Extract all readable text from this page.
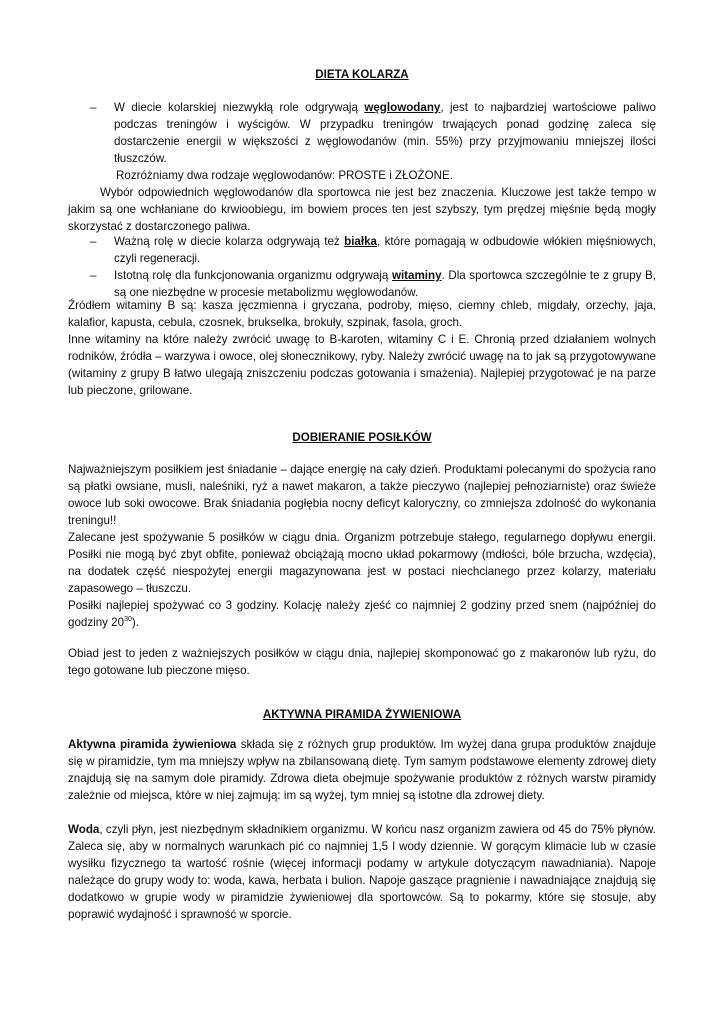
DIETA KOLARZA
– W diecie kolarskiej niezwykłą role odgrywają węglowodany, jest to najbardziej wartościowe paliwo podczas treningów i wyścigów. W przypadku treningów trwających ponad godzinę zaleca się dostarczenie energii w większości z węglowodanów (min. 55%) przy przyjmowaniu mniejszej ilości tłuszczów.
Rozróżniamy dwa rodzaje węglowodanów: PROSTE i ZŁOŻONE.
Wybór odpowiednich węglowodanów dla sportowca nie jest bez znaczenia. Kluczowe jest także tempo w jakim są one wchłaniane do krwioobiegu, im bowiem proces ten jest szybszy, tym prędzej mięśnie będą mogły skorzystać z dostarczonego paliwa.
– Ważną rolę w diecie kolarza odgrywają też białka, które pomagają w odbudowie włókien mięśniowych, czyli regeneracji.
– Istotną rolę dla funkcjonowania organizmu odgrywają witaminy. Dla sportowca szczególnie te z grupy B, są one niezbędne w procesie metabolizmu węglowodanów.
Źródłem witaminy B są: kasza jęczmienna i gryczana, podroby, mięso, ciemny chleb, migdały, orzechy, jaja, kalafior, kapusta, cebula, czosnek, brukselka, brokuły, szpinak, fasola, groch.
Inne witaminy na które należy zwrócić uwagę to B-karoten, witaminy C i E. Chronią przed działaniem wolnych rodników, źródła – warzywa i owoce, olej słonecznikowy, ryby. Należy zwrócić uwagę na to jak są przygotowywane (witaminy z grupy B łatwo ulegają zniszczeniu podczas gotowania i smażenia). Najlepiej przygotować je na parze lub pieczone, grilowane.
DOBIERANIE POSIŁKÓW
Najważniejszym posiłkiem jest śniadanie – dające energię na cały dzień. Produktami polecanymi do spożycia rano są płatki owsiane, musli, naleśniki, ryż a nawet makaron, a także pieczywo (najlepiej pełnoziarniste) oraz świeże owoce lub soki owocowe. Brak śniadania pogłębia nocny deficyt kaloryczny, co zmniejsza zdolność do wykonania treningu!!
Zalecane jest spożywanie 5 posiłków w ciągu dnia. Organizm potrzebuje stałego, regularnego dopływu energii. Posiłki nie mogą być zbyt obfite, ponieważ obciążają mocno układ pokarmowy (mdłości, bóle brzucha, wzdęcia), na dodatek część niespożytej energii magazynowana jest w postaci niechcianego przez kolarzy, materiału zapasowego – tłuszczu.
Posiłki najlepiej spożywać co 3 godziny. Kolację należy zjeść co najmniej 2 godziny przed snem (najpóźniej do godziny $20^{30}$).
Obiad jest to jeden z ważniejszych posiłków w ciągu dnia, najlepiej skomponować go z makaronów lub ryżu, do tego gotowane lub pieczone mięso.
AKTYWNA PIRAMIDA ŻYWIENIOWA
Aktywna piramida żywieniowa składa się z różnych grup produktów. Im wyżej dana grupa produktów znajduje się w piramidzie, tym ma mniejszy wpływ na zbilansowaną dietę. Tym samym podstawowe elementy zdrowej diety znajdują się na samym dole piramidy. Zdrowa dieta obejmuje spożywanie produktów z różnych warstw piramidy zależnie od miejsca, które w niej zajmują: im są wyżej, tym mniej są istotne dla zdrowej diety.
Woda, czyli płyn, jest niezbędnym składnikiem organizmu. W końcu nasz organizm zawiera od 45 do 75% płynów. Zaleca się, aby w normalnych warunkach pić co najmniej 1,5 l wody dziennie. W gorącym klimacie lub w czasie wysiłku fizycznego ta wartość rośnie (więcej informacji podamy w artykule dotyczącym nawadniania). Napoje należące do grupy wody to: woda, kawa, herbata i bulion. Napoje gaszące pragnienie i nawadniające znajdują się dodatkowo w grupie wody w piramidzie żywieniowej dla sportowców. Są to pokarmy, które się stosuje, aby poprawić wydajność i sprawność w sporcie.
